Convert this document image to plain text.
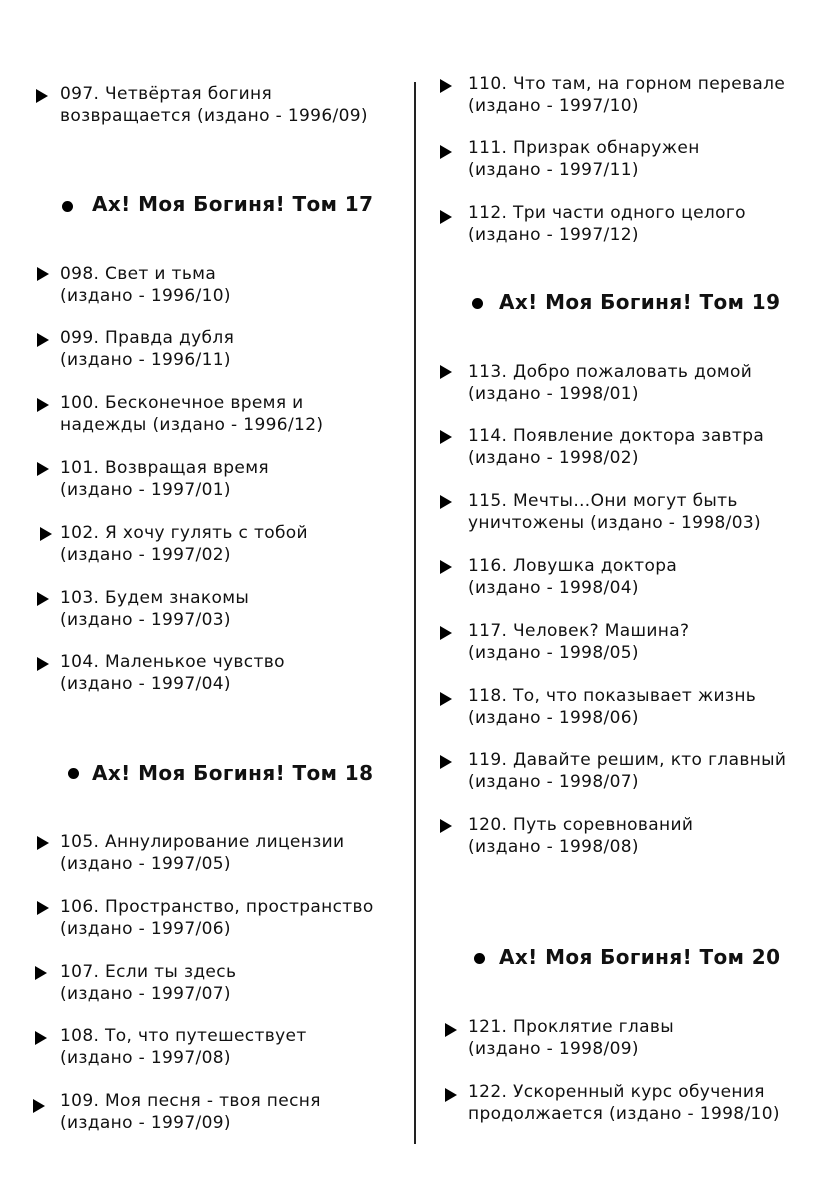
097. Четвёртая богиня
возвращается (издано - 1996/09)
Ах! Моя Богиня! Том 17
098. Свет и тьма
(издано - 1996/10)
099. Правда дубля
(издано - 1996/11)
100. Бесконечное время и
надежды (издано - 1996/12)
101. Возвращая время
(издано - 1997/01)
102. Я хочу гулять с тобой
(издано - 1997/02)
103. Будем знакомы
(издано - 1997/03)
104. Маленькое чувство
(издано - 1997/04)
Ах! Моя Богиня! Том 18
105. Аннулирование лицензии
(издано - 1997/05)
106. Пространство, пространство
(издано - 1997/06)
107. Если ты здесь
(издано - 1997/07)
108. То, что путешествует
(издано - 1997/08)
109. Моя песня - твоя песня
(издано - 1997/09)
110. Что там, на горном перевале
(издано - 1997/10)
111. Призрак обнаружен
(издано - 1997/11)
112. Три части одного целого
(издано - 1997/12)
Ах! Моя Богиня! Том 19
113. Добро пожаловать домой
(издано - 1998/01)
114. Появление доктора завтра
(издано - 1998/02)
115. Мечты…Они могут быть
уничтожены (издано - 1998/03)
116. Ловушка доктора
(издано - 1998/04)
117. Человек? Машина?
(издано - 1998/05)
118. То, что показывает жизнь
(издано - 1998/06)
119. Давайте решим, кто главный
(издано - 1998/07)
120. Путь соревнований
(издано - 1998/08)
Ах! Моя Богиня! Том 20
121. Проклятие главы
(издано - 1998/09)
122. Ускоренный курс обучения
продолжается (издано - 1998/10)
